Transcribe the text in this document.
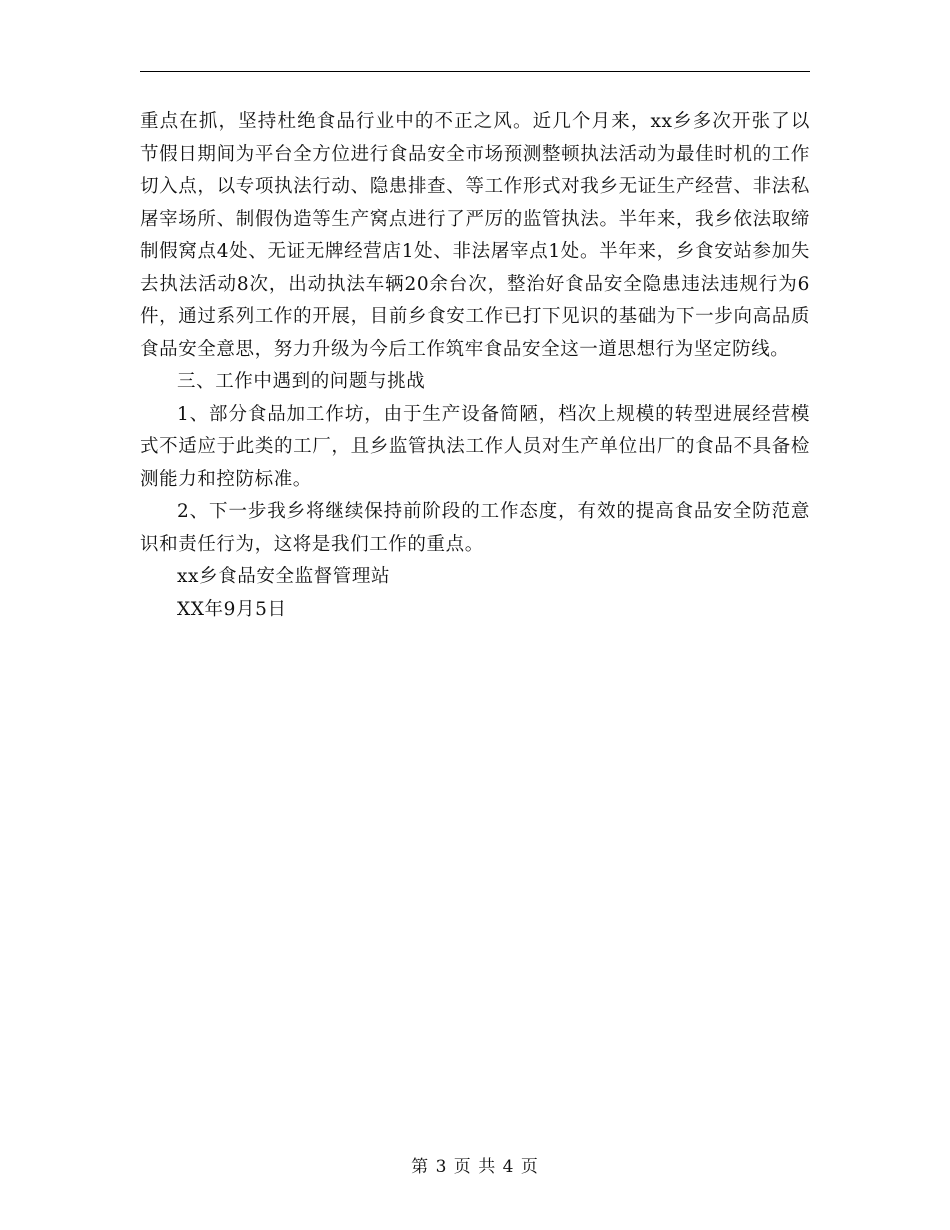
重点在抓，坚持杜绝食品行业中的不正之风。近几个月来，xx乡多次开张了以节假日期间为平台全方位进行食品安全市场预测整顿执法活动为最佳时机的工作切入点，以专项执法行动、隐患排查、等工作形式对我乡无证生产经营、非法私屠宰场所、制假伪造等生产窝点进行了严厉的监管执法。半年来，我乡依法取缔制假窝点4处、无证无牌经营店1处、非法屠宰点1处。半年来，乡食安站参加失去执法活动8次，出动执法车辆20余台次，整治好食品安全隐患违法违规行为6件，通过系列工作的开展，目前乡食安工作已打下见识的基础为下一步向高品质食品安全意思，努力升级为今后工作筑牢食品安全这一道思想行为坚定防线。

三、工作中遇到的问题与挑战

1、部分食品加工作坊，由于生产设备简陋，档次上规模的转型进展经营模式不适应于此类的工厂，且乡监管执法工作人员对生产单位出厂的食品不具备检测能力和控防标准。

2、下一步我乡将继续保持前阶段的工作态度，有效的提高食品安全防范意识和责任行为，这将是我们工作的重点。

xx乡食品安全监督管理站

XX年9月5日

第 3 页 共 4 页
